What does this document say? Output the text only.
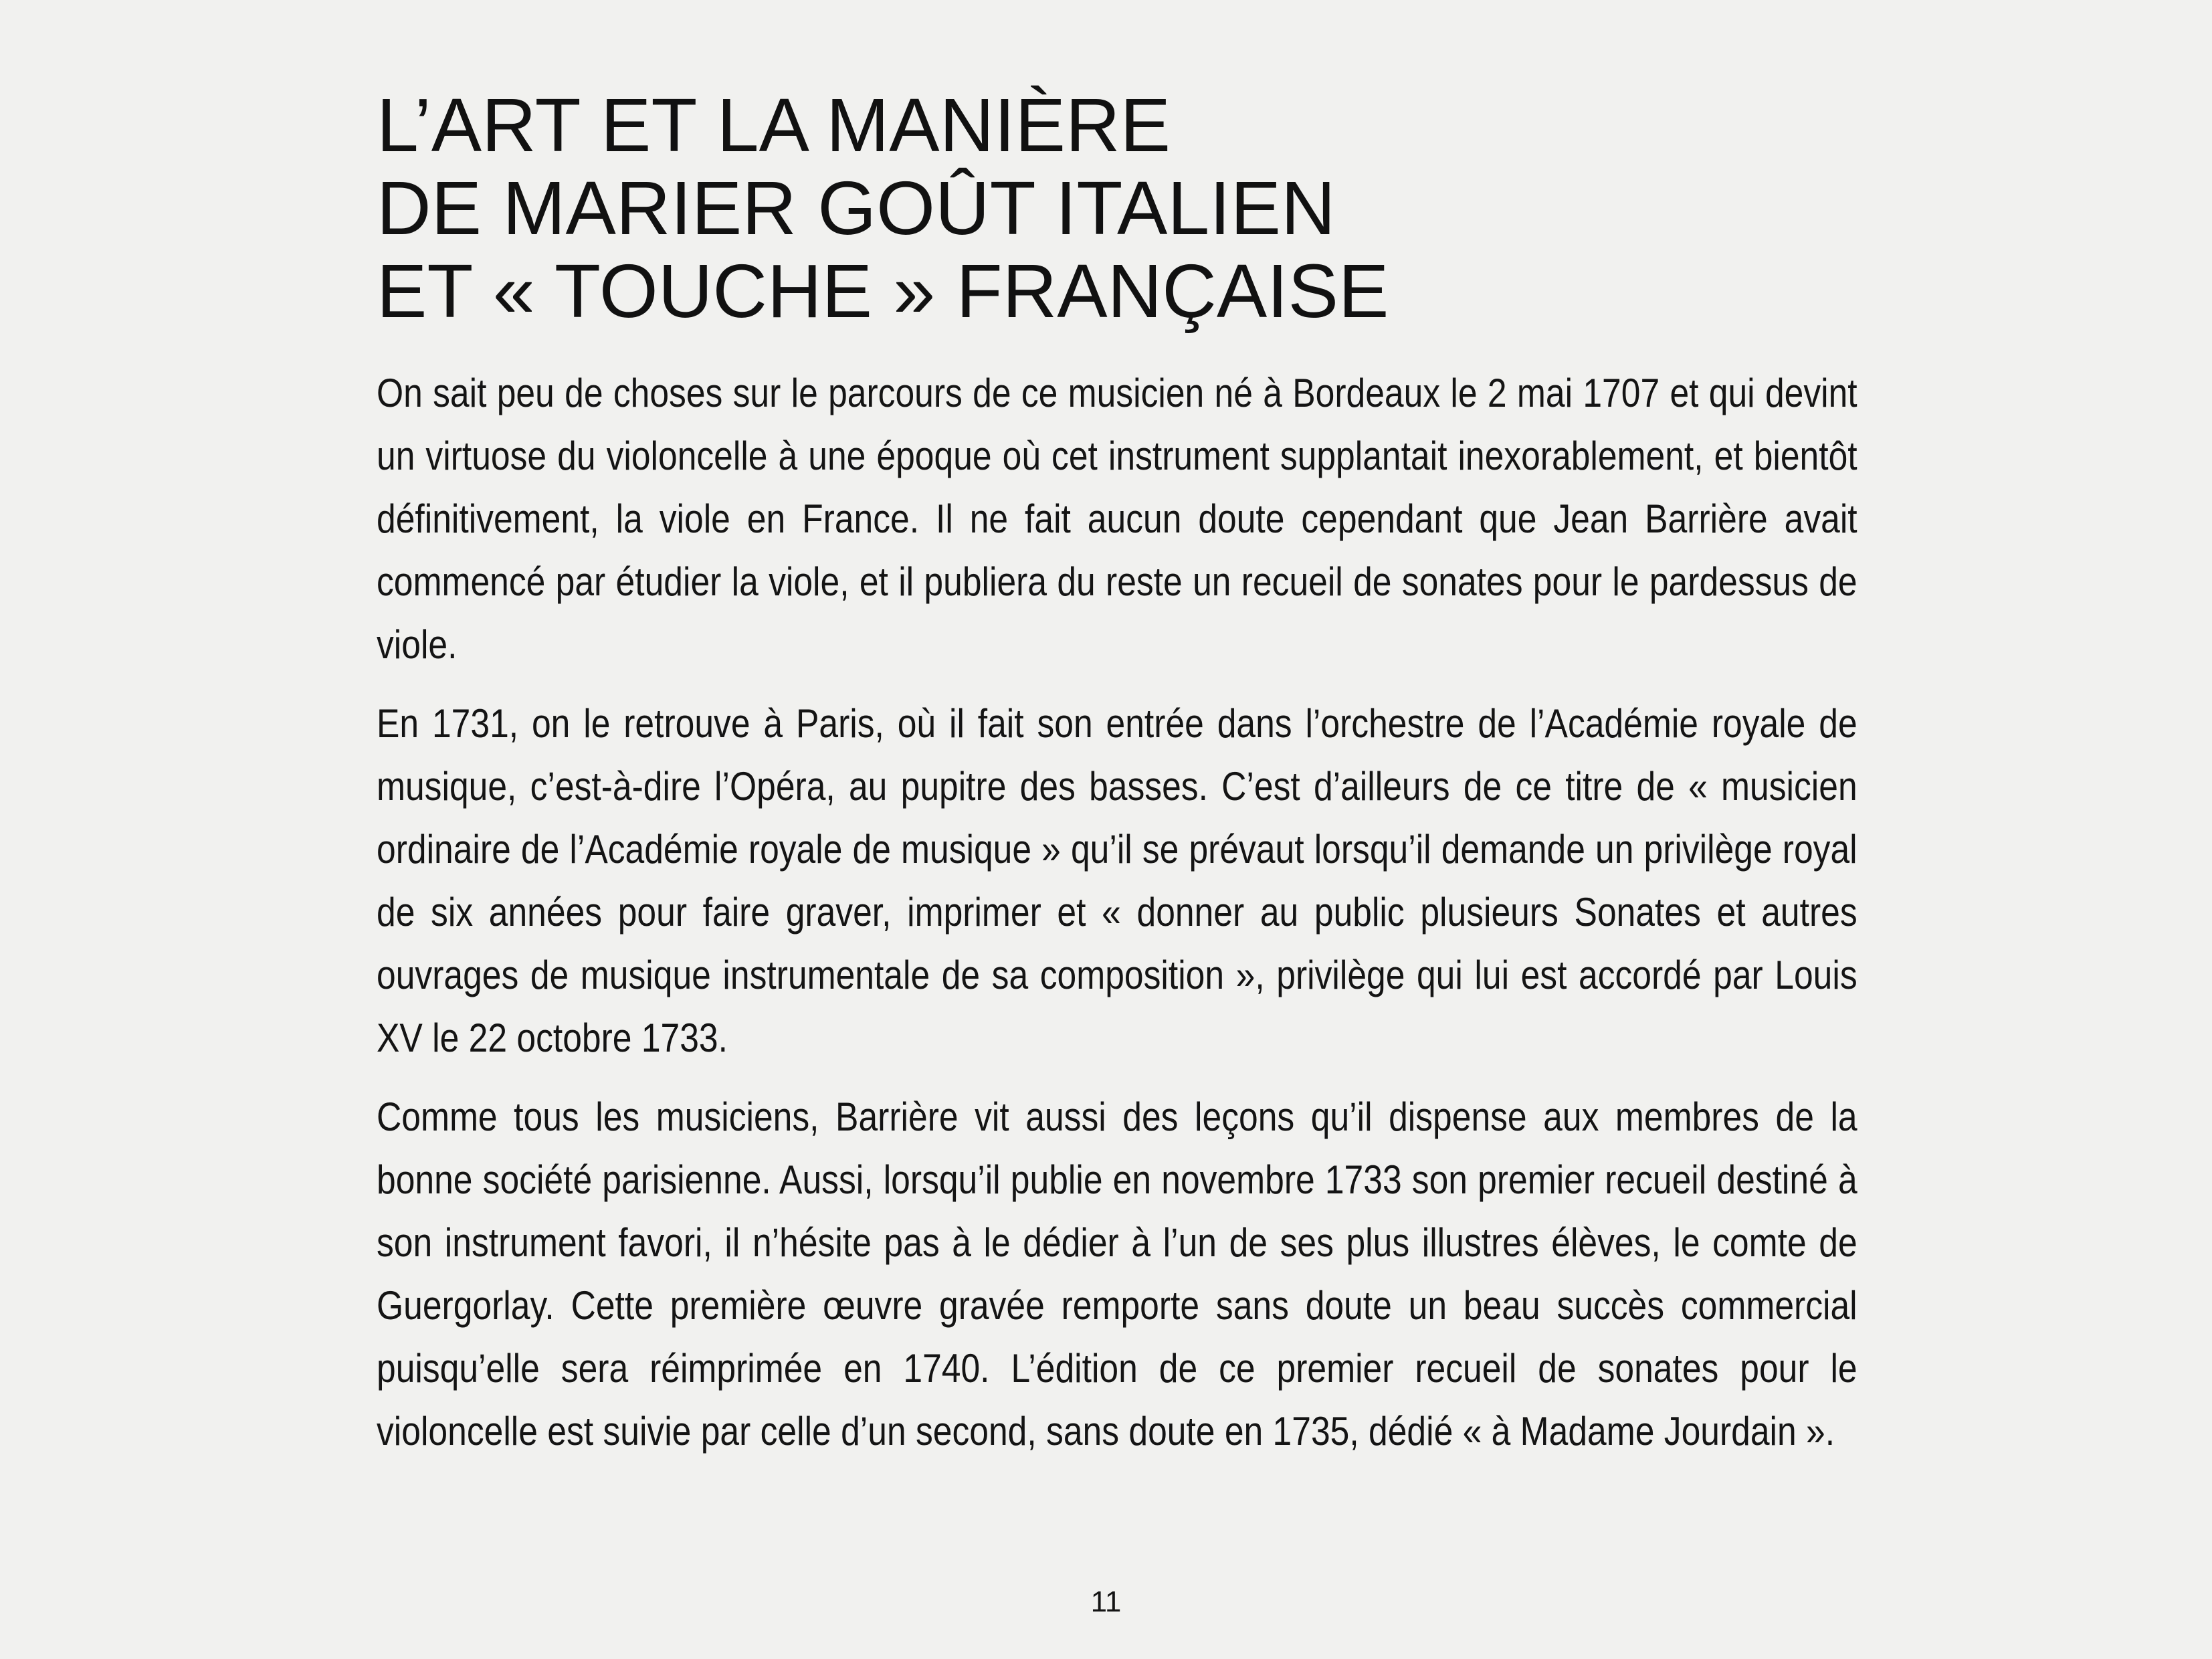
L’ART ET LA MANIÈRE
DE MARIER GOÛT ITALIEN
ET « TOUCHE » FRANÇAISE

On sait peu de choses sur le parcours de ce musicien né à Bordeaux le 2 mai 1707 et qui devint un virtuose du violoncelle à une époque où cet instrument supplantait inexorablement, et bientôt définitivement, la viole en France. Il ne fait aucun doute cependant que Jean Barrière avait commencé par étudier la viole, et il publiera du reste un recueil de sonates pour le pardessus de viole.

En 1731, on le retrouve à Paris, où il fait son entrée dans l’orchestre de l’Académie royale de musique, c’est-à-dire l’Opéra, au pupitre des basses. C’est d’ailleurs de ce titre de « musicien ordinaire de l’Académie royale de musique » qu’il se prévaut lorsqu’il demande un privilège royal de six années pour faire graver, imprimer et « donner au public plusieurs Sonates et autres ouvrages de musique instrumentale de sa composition », privilège qui lui est accordé par Louis XV le 22 octobre 1733.

Comme tous les musiciens, Barrière vit aussi des leçons qu’il dispense aux membres de la bonne société parisienne. Aussi, lorsqu’il publie en novembre 1733 son premier recueil destiné à son instrument favori, il n’hésite pas à le dédier à l’un de ses plus illustres élèves, le comte de Guergorlay. Cette première œuvre gravée remporte sans doute un beau succès commercial puisqu’elle sera réimprimée en 1740. L’édition de ce premier recueil de sonates pour le violoncelle est suivie par celle d’un second, sans doute en 1735, dédié « à Madame Jourdain ».

11
